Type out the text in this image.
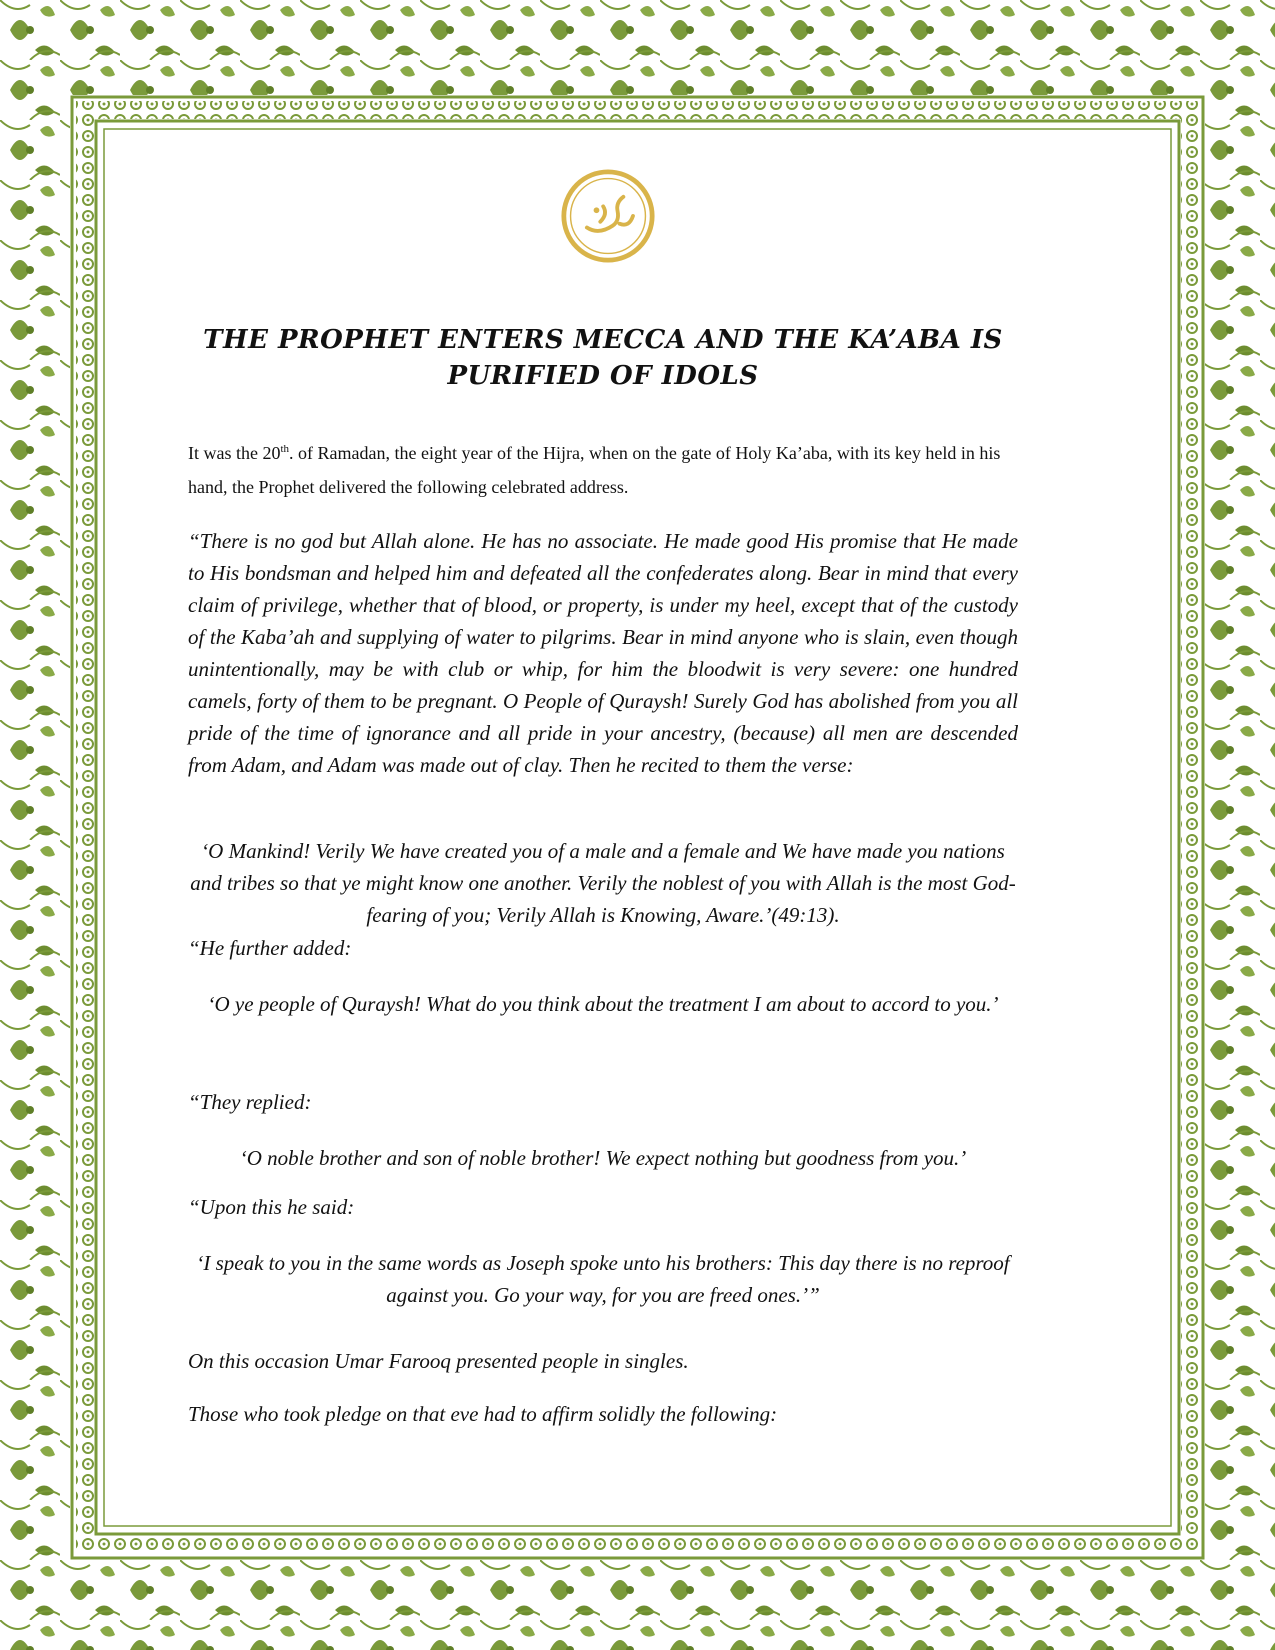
THE PROPHET ENTERS MECCA AND THE KA’ABA IS PURIFIED OF IDOLS

It was the 20th. of Ramadan, the eight year of the Hijra, when on the gate of Holy Ka’aba, with its key held in his hand, the Prophet delivered the following celebrated address.

“There is no god but Allah alone. He has no associate. He made good His promise that He made to His bondsman and helped him and defeated all the confederates along. Bear in mind that every claim of privilege, whether that of blood, or property, is under my heel, except that of the custody of the Kaba’ah and supplying of water to pilgrims. Bear in mind anyone who is slain, even though unintentionally, may be with club or whip, for him the bloodwit is very severe: one hundred camels, forty of them to be pregnant. O People of Quraysh! Surely God has abolished from you all pride of the time of ignorance and all pride in your ancestry, (because) all men are descended from Adam, and Adam was made out of clay. Then he recited to them the verse:

‘O Mankind! Verily We have created you of a male and a female and We have made you nations and tribes so that ye might know one another. Verily the noblest of you with Allah is the most God-fearing of you; Verily Allah is Knowing, Aware.’(49:13).

“He further added:

‘O ye people of Quraysh! What do you think about the treatment I am about to accord to you.’

“They replied:

‘O noble brother and son of noble brother! We expect nothing but goodness from you.’

“Upon this he said:

‘I speak to you in the same words as Joseph spoke unto his brothers: This day there is no reproof against you. Go your way, for you are freed ones.’”

On this occasion Umar Farooq presented people in singles.

Those who took pledge on that eve had to affirm solidly the following:
